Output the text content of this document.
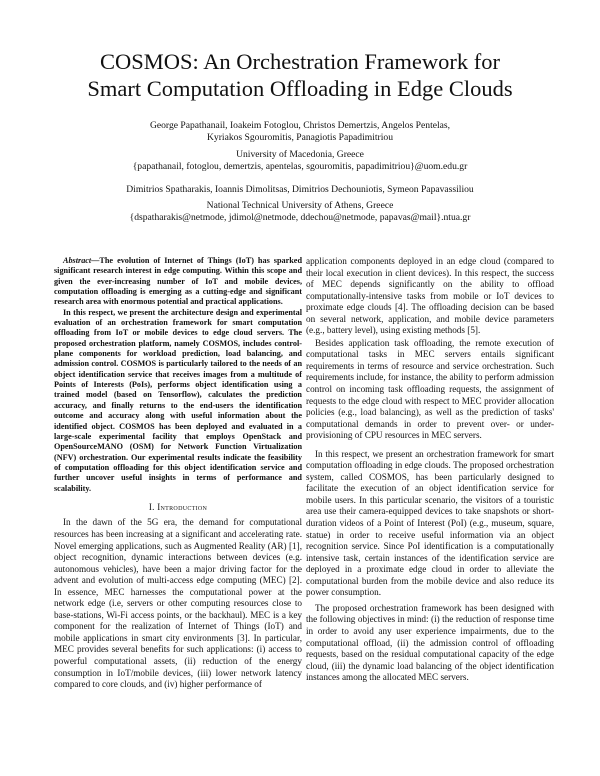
COSMOS: An Orchestration Framework for
Smart Computation Offloading in Edge Clouds
George Papathanail, Ioakeim Fotoglou, Christos Demertzis, Angelos Pentelas,
Kyriakos Sgouromitis, Panagiotis Papadimitriou
University of Macedonia, Greece
{papathanail, fotoglou, demertzis, apentelas, sgouromitis, papadimitriou}@uom.edu.gr
Dimitrios Spatharakis, Ioannis Dimolitsas, Dimitrios Dechouniotis, Symeon Papavassiliou
National Technical University of Athens, Greece
{dspatharakis@netmode, jdimol@netmode, ddechou@netmode, papavas@mail}.ntua.gr

Abstract—The evolution of Internet of Things (IoT) has sparked significant research interest in edge computing. Within this scope and given the ever-increasing number of IoT and mobile devices, computation offloading is emerging as a cutting-edge and significant research area with enormous potential and practical applications.

In this respect, we present the architecture design and experimental evaluation of an orchestration framework for smart computation offloading from IoT or mobile devices to edge cloud servers. The proposed orchestration platform, namely COSMOS, includes control-plane components for workload prediction, load balancing, and admission control. COSMOS is particularly tailored to the needs of an object identification service that receives images from a multitude of Points of Interests (PoIs), performs object identification using a trained model (based on Tensorflow), calculates the prediction accuracy, and finally returns to the end-users the identification outcome and accuracy along with useful information about the identified object. COSMOS has been deployed and evaluated in a large-scale experimental facility that employs OpenStack and OpenSourceMANO (OSM) for Network Function Virtualization (NFV) orchestration. Our experimental results indicate the feasibility of computation offloading for this object identification service and further uncover useful insights in terms of performance and scalability.

I. Introduction

In the dawn of the 5G era, the demand for computational resources has been increasing at a significant and accelerating rate. Novel emerging applications, such as Augmented Reality (AR) [1], object recognition, dynamic interactions between devices (e.g. autonomous vehicles), have been a major driving factor for the advent and evolution of multi-access edge computing (MEC) [2]. In essence, MEC harnesses the computational power at the network edge (i.e, servers or other computing resources close to base-stations, Wi-Fi access points, or the backhaul). MEC is a key component for the realization of Internet of Things (IoT) and mobile applications in smart city environments [3]. In particular, MEC provides several benefits for such applications: (i) access to powerful computational assets, (ii) reduction of the energy consumption in IoT/mobile devices, (iii) lower network latency compared to core clouds, and (iv) higher performance of

application components deployed in an edge cloud (compared to their local execution in client devices). In this respect, the success of MEC depends significantly on the ability to offload computationally-intensive tasks from mobile or IoT devices to proximate edge clouds [4]. The offloading decision can be based on several network, application, and mobile device parameters (e.g., battery level), using existing methods [5].

Besides application task offloading, the remote execution of computational tasks in MEC servers entails significant requirements in terms of resource and service orchestration. Such requirements include, for instance, the ability to perform admission control on incoming task offloading requests, the assignment of requests to the edge cloud with respect to MEC provider allocation policies (e.g., load balancing), as well as the prediction of tasks' computational demands in order to prevent over- or under- provisioning of CPU resources in MEC servers.

In this respect, we present an orchestration framework for smart computation offloading in edge clouds. The proposed orchestration system, called COSMOS, has been particularly designed to facilitate the execution of an object identification service for mobile users. In this particular scenario, the visitors of a touristic area use their camera-equipped devices to take snapshots or short-duration videos of a Point of Interest (PoI) (e.g., museum, square, statue) in order to receive useful information via an object recognition service. Since PoI identification is a computationally intensive task, certain instances of the identification service are deployed in a proximate edge cloud in order to alleviate the computational burden from the mobile device and also reduce its power consumption.

The proposed orchestration framework has been designed with the following objectives in mind: (i) the reduction of response time in order to avoid any user experience impairments, due to the computational offload, (ii) the admission control of offloading requests, based on the residual computational capacity of the edge cloud, (iii) the dynamic load balancing of the object identification instances among the allocated MEC servers.
